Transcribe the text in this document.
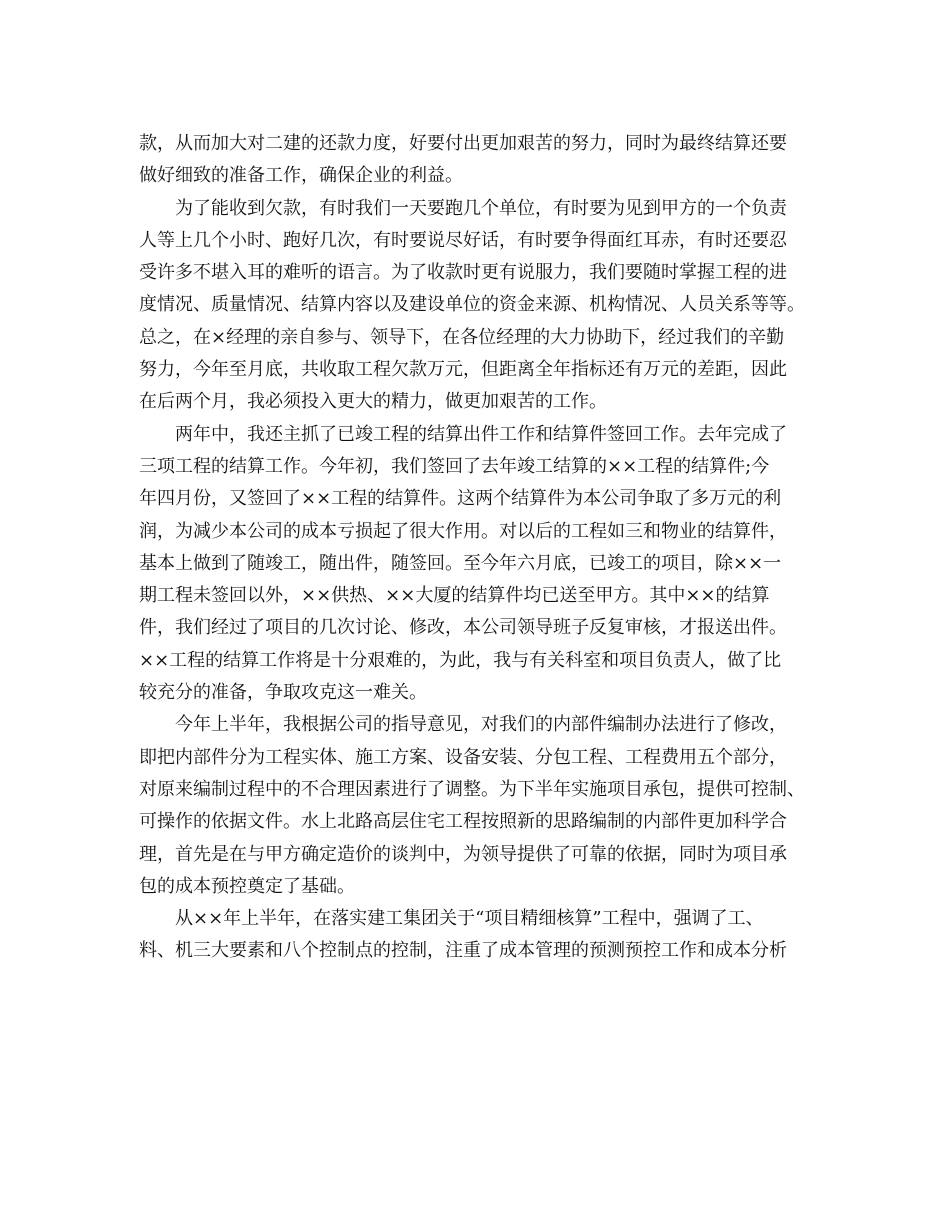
款，从而加大对二建的还款力度，好要付出更加艰苦的努力，同时为最终结算还要
做好细致的准备工作，确保企业的利益。
为了能收到欠款，有时我们一天要跑几个单位，有时要为见到甲方的一个负责
人等上几个小时、跑好几次，有时要说尽好话，有时要争得面红耳赤，有时还要忍
受许多不堪入耳的难听的语言。为了收款时更有说服力，我们要随时掌握工程的进
度情况、质量情况、结算内容以及建设单位的资金来源、机构情况、人员关系等等。
总之，在×经理的亲自参与、领导下，在各位经理的大力协助下，经过我们的辛勤
努力，今年至月底，共收取工程欠款万元，但距离全年指标还有万元的差距，因此
在后两个月，我必须投入更大的精力，做更加艰苦的工作。
两年中，我还主抓了已竣工程的结算出件工作和结算件签回工作。去年完成了
三项工程的结算工作。今年初，我们签回了去年竣工结算的××工程的结算件;今
年四月份，又签回了××工程的结算件。这两个结算件为本公司争取了多万元的利
润，为减少本公司的成本亏损起了很大作用。对以后的工程如三和物业的结算件，
基本上做到了随竣工，随出件，随签回。至今年六月底，已竣工的项目，除××一
期工程未签回以外，××供热、××大厦的结算件均已送至甲方。其中××的结算
件，我们经过了项目的几次讨论、修改，本公司领导班子反复审核，才报送出件。
××工程的结算工作将是十分艰难的，为此，我与有关科室和项目负责人，做了比
较充分的准备，争取攻克这一难关。
今年上半年，我根据公司的指导意见，对我们的内部件编制办法进行了修改，
即把内部件分为工程实体、施工方案、设备安装、分包工程、工程费用五个部分，
对原来编制过程中的不合理因素进行了调整。为下半年实施项目承包，提供可控制、
可操作的依据文件。水上北路高层住宅工程按照新的思路编制的内部件更加科学合
理，首先是在与甲方确定造价的谈判中，为领导提供了可靠的依据，同时为项目承
包的成本预控奠定了基础。
从××年上半年，在落实建工集团关于“项目精细核算”工程中，强调了工、
料、机三大要素和八个控制点的控制，注重了成本管理的预测预控工作和成本分析
